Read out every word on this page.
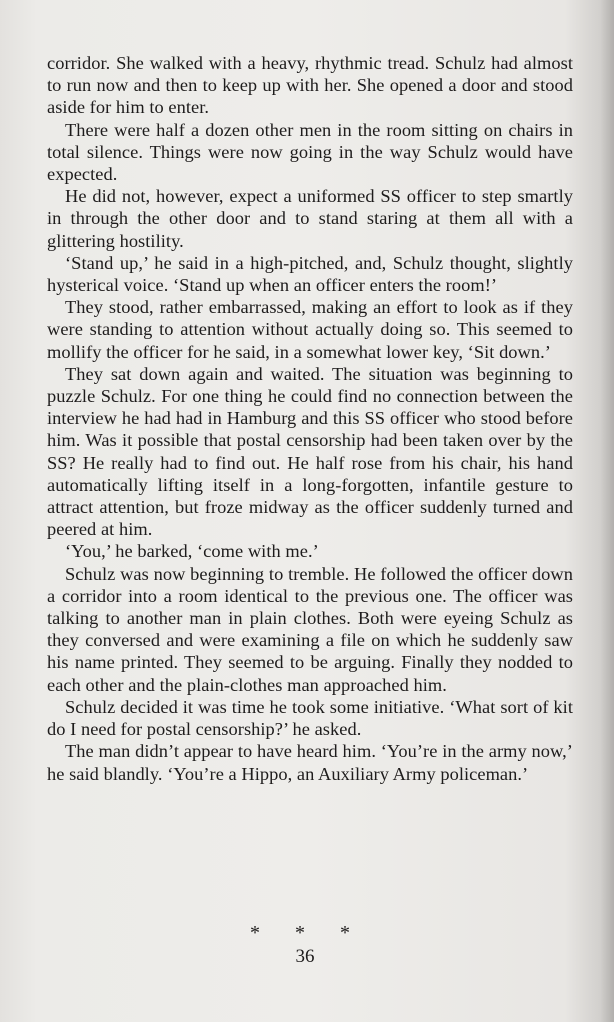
corridor. She walked with a heavy, rhythmic tread. Schulz had almost to run now and then to keep up with her. She opened a door and stood aside for him to enter.

There were half a dozen other men in the room sitting on chairs in total silence. Things were now going in the way Schulz would have expected.

He did not, however, expect a uniformed SS officer to step smartly in through the other door and to stand staring at them all with a glittering hostility.

‘Stand up,’ he said in a high-pitched, and, Schulz thought, slightly hysterical voice. ‘Stand up when an officer enters the room!’

They stood, rather embarrassed, making an effort to look as if they were standing to attention without actually doing so. This seemed to mollify the officer for he said, in a somewhat lower key, ‘Sit down.’

They sat down again and waited. The situation was beginning to puzzle Schulz. For one thing he could find no connection between the interview he had had in Hamburg and this SS officer who stood before him. Was it possible that postal censorship had been taken over by the SS? He really had to find out. He half rose from his chair, his hand automatically lifting itself in a long-forgotten, infantile gesture to attract attention, but froze midway as the officer suddenly turned and peered at him.

‘You,’ he barked, ‘come with me.’

Schulz was now beginning to tremble. He followed the officer down a corridor into a room identical to the previous one. The officer was talking to another man in plain clothes. Both were eyeing Schulz as they conversed and were examining a file on which he suddenly saw his name printed. They seemed to be arguing. Finally they nodded to each other and the plain-clothes man approached him.

Schulz decided it was time he took some initiative. ‘What sort of kit do I need for postal censorship?’ he asked.

The man didn’t appear to have heard him. ‘You’re in the army now,’ he said blandly. ‘You’re a Hippo, an Auxiliary Army policeman.’

* * *
36
